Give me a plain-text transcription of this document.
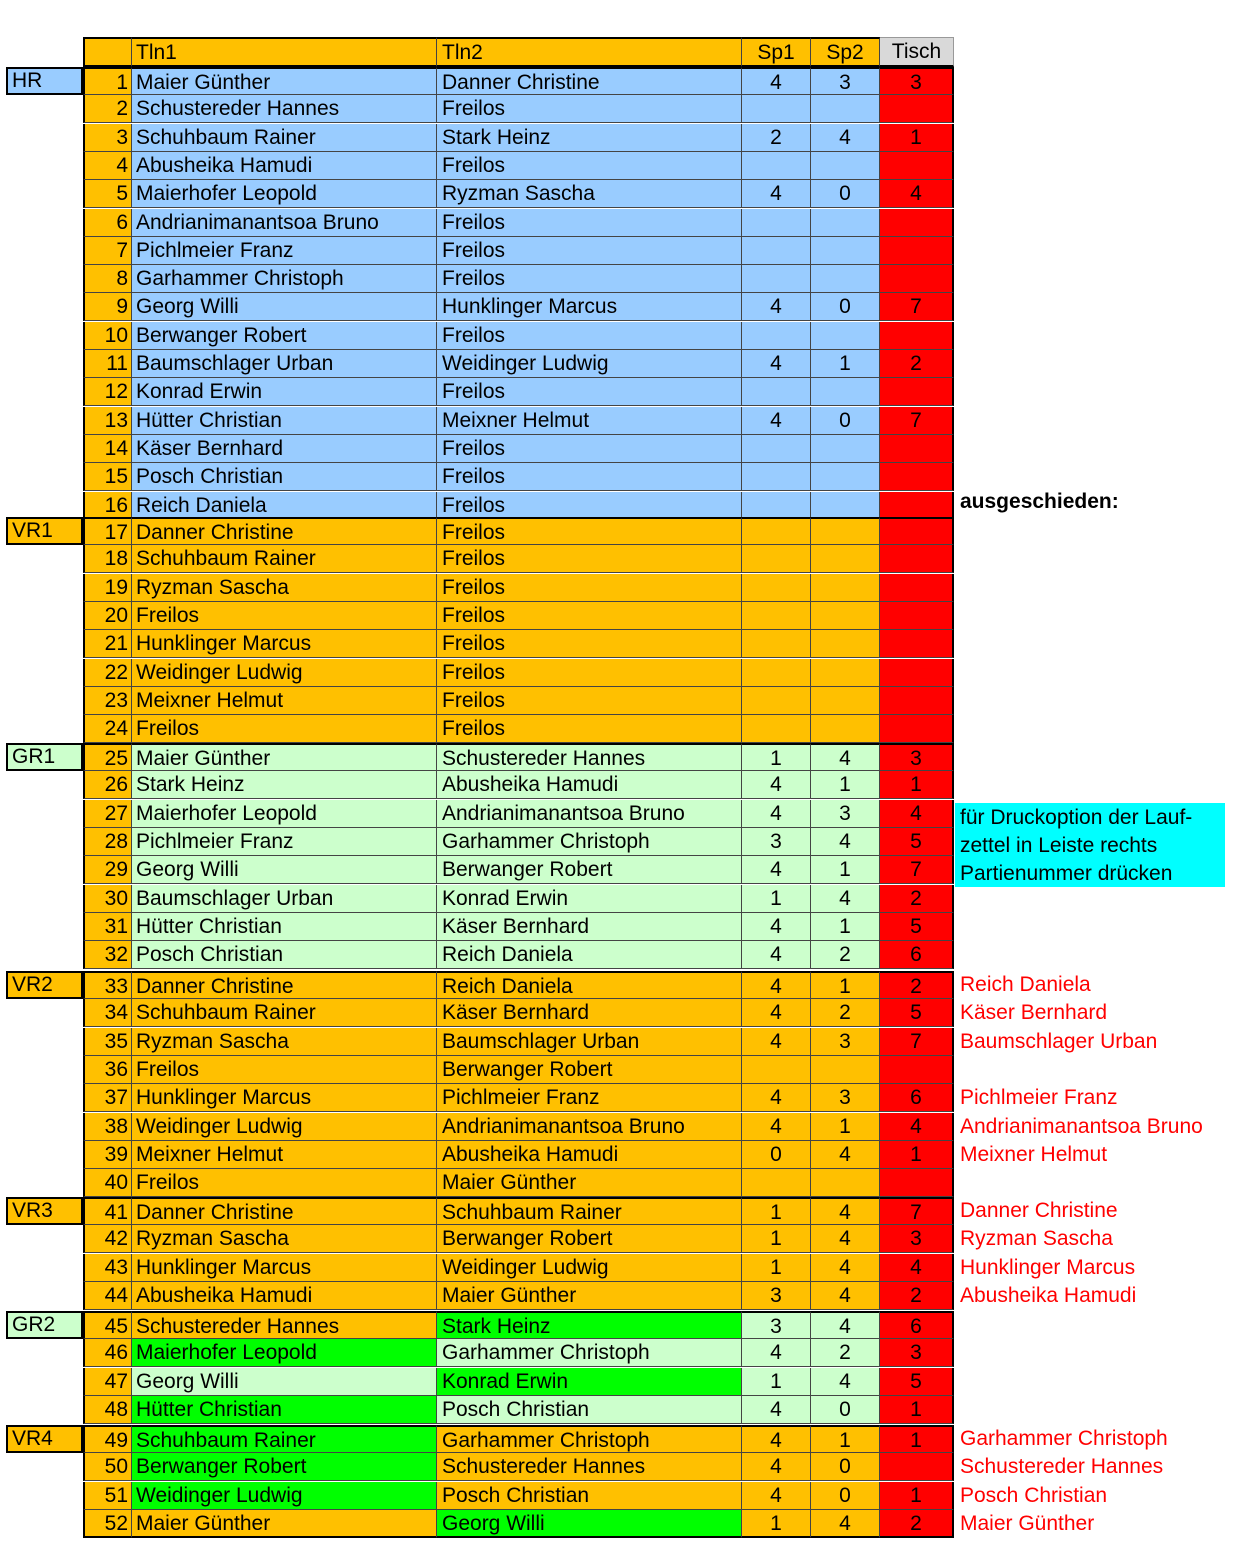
Tln1	Tln2	Sp1	Sp2	Tisch
1 Maier Günther	Danner Christine	4	3	3
2 Schustereder Hannes	Freilos
3 Schuhbaum Rainer	Stark Heinz	2	4	1
4 Abusheika Hamudi	Freilos
5 Maierhofer Leopold	Ryzman Sascha	4	0	4
6 Andrianimanantsoa Bruno	Freilos
7 Pichlmeier Franz	Freilos
8 Garhammer Christoph	Freilos
9 Georg Willi	Hunklinger Marcus	4	0	7
10 Berwanger Robert	Freilos
11 Baumschlager Urban	Weidinger Ludwig	4	1	2
12 Konrad Erwin	Freilos
13 Hütter Christian	Meixner Helmut	4	0	7
14 Käser Bernhard	Freilos
15 Posch Christian	Freilos
16 Reich Daniela	Freilos
17 Danner Christine	Freilos
18 Schuhbaum Rainer	Freilos
19 Ryzman Sascha	Freilos
20 Freilos	Freilos
21 Hunklinger Marcus	Freilos
22 Weidinger Ludwig	Freilos
23 Meixner Helmut	Freilos
24 Freilos	Freilos
25 Maier Günther	Schustereder Hannes	1	4	3
26 Stark Heinz	Abusheika Hamudi	4	1	1
27 Maierhofer Leopold	Andrianimanantsoa Bruno	4	3	4
28 Pichlmeier Franz	Garhammer Christoph	3	4	5
29 Georg Willi	Berwanger Robert	4	1	7
30 Baumschlager Urban	Konrad Erwin	1	4	2
31 Hütter Christian	Käser Bernhard	4	1	5
32 Posch Christian	Reich Daniela	4	2	6
33 Danner Christine	Reich Daniela	4	1	2
34 Schuhbaum Rainer	Käser Bernhard	4	2	5
35 Ryzman Sascha	Baumschlager Urban	4	3	7
36 Freilos	Berwanger Robert
37 Hunklinger Marcus	Pichlmeier Franz	4	3	6
38 Weidinger Ludwig	Andrianimanantsoa Bruno	4	1	4
39 Meixner Helmut	Abusheika Hamudi	0	4	1
40 Freilos	Maier Günther
41 Danner Christine	Schuhbaum Rainer	1	4	7
42 Ryzman Sascha	Berwanger Robert	1	4	3
43 Hunklinger Marcus	Weidinger Ludwig	1	4	4
44 Abusheika Hamudi	Maier Günther	3	4	2
45 Schustereder Hannes	Stark Heinz	3	4	6
46 Maierhofer Leopold	Garhammer Christoph	4	2	3
47 Georg Willi	Konrad Erwin	1	4	5
48 Hütter Christian	Posch Christian	4	0	1
49 Schuhbaum Rainer	Garhammer Christoph	4	1	1
50 Berwanger Robert	Schustereder Hannes	4	0
51 Weidinger Ludwig	Posch Christian	4	0	1
52 Maier Günther	Georg Willi	1	4	2
HR
VR1
GR1
VR2
VR3
GR2
VR4
ausgeschieden:
für Druckoption der Lauf-
zettel in Leiste rechts
Partienummer drücken
Reich Daniela
Käser Bernhard
Baumschlager Urban
Pichlmeier Franz
Andrianimanantsoa Bruno
Meixner Helmut
Danner Christine
Ryzman Sascha
Hunklinger Marcus
Abusheika Hamudi
Garhammer Christoph
Schustereder Hannes
Posch Christian
Maier Günther
